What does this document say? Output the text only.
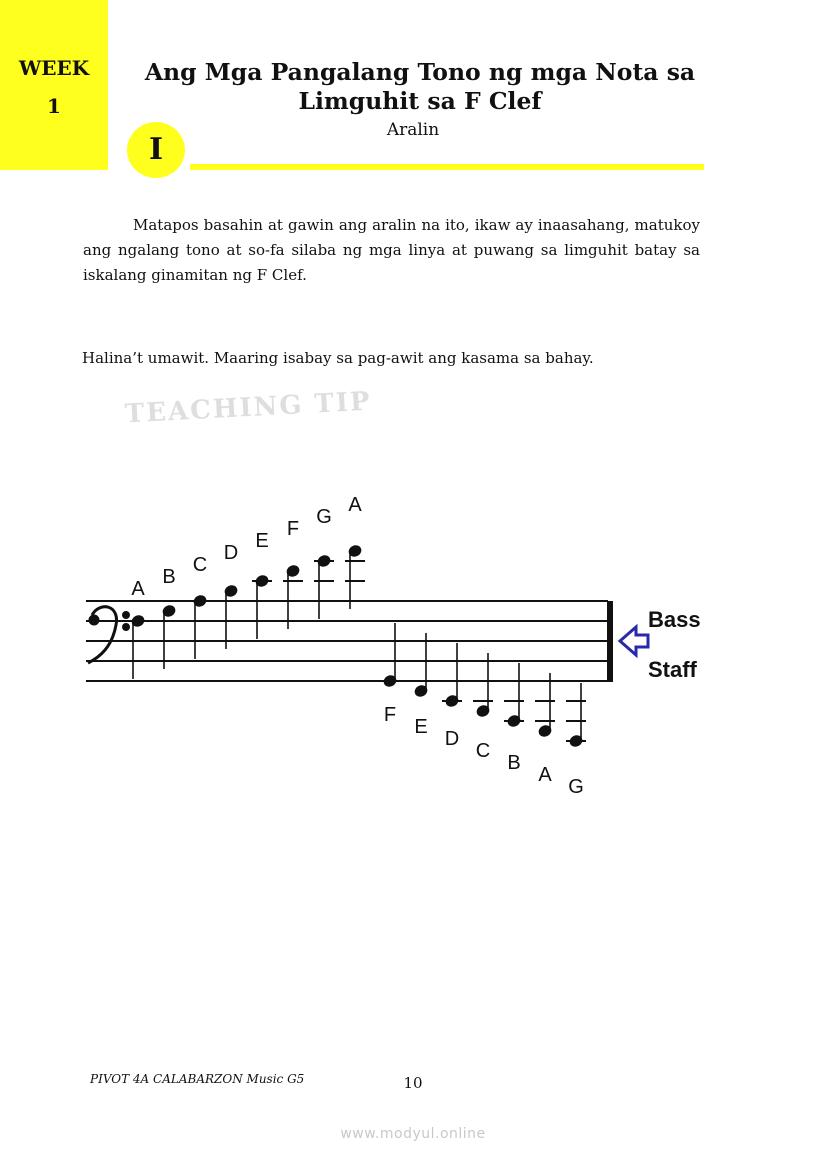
WEEK
1
Ang Mga Pangalang Tono ng mga Nota sa
Limguhit sa F Clef
Aralin
I

Matapos basahin at gawin ang aralin na ito, ikaw ay inaasahang, matukoy ang ngalang tono at so-fa silaba ng mga linya at puwang sa limguhit batay sa iskalang ginamitan ng F Clef.

Halina’t umawit. Maaring isabay sa pag-awit ang kasama sa bahay.

TEACHING TIP
A
B
C
D
E
F
G
A
F
E
D
C
B
A
G
Bass
Staff
PIVOT 4A CALABARZON Music G5	10
www.modyul.online
